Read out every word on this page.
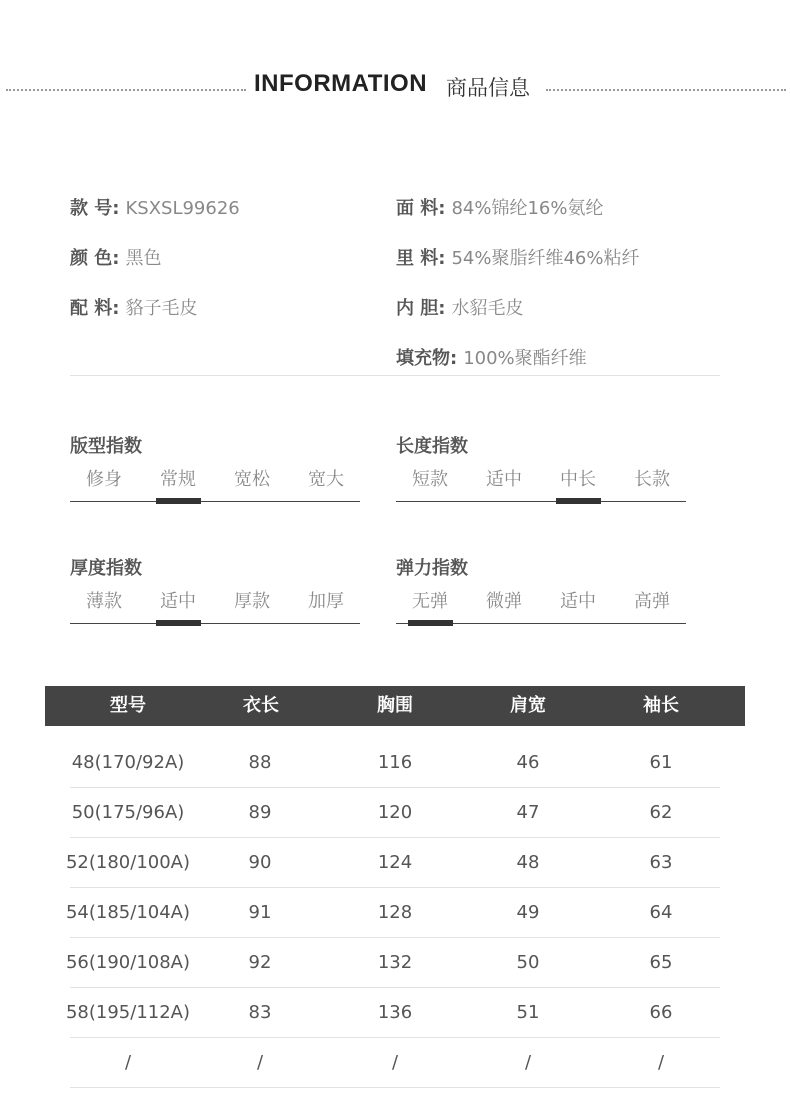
INFORMATION 商品信息
款 号: KSXSL99626
颜 色: 黑色
配 料: 貉子毛皮
面 料: 84%锦纶16%氨纶
里 料: 54%聚脂纤维46%粘纤
内 胆: 水貂毛皮
填充物: 100%聚酯纤维
版型指数
修身	常规	宽松	宽大
长度指数
短款	适中	中长	长款
厚度指数
薄款	适中	厚款	加厚
弹力指数
无弹	微弹	适中	高弹
型号	衣长	胸围	肩宽	袖长
48(170/92A)	88	116	46	61
50(175/96A)	89	120	47	62
52(180/100A)	90	124	48	63
54(185/104A)	91	128	49	64
56(190/108A)	92	132	50	65
58(195/112A)	83	136	51	66
/	/	/	/	/
